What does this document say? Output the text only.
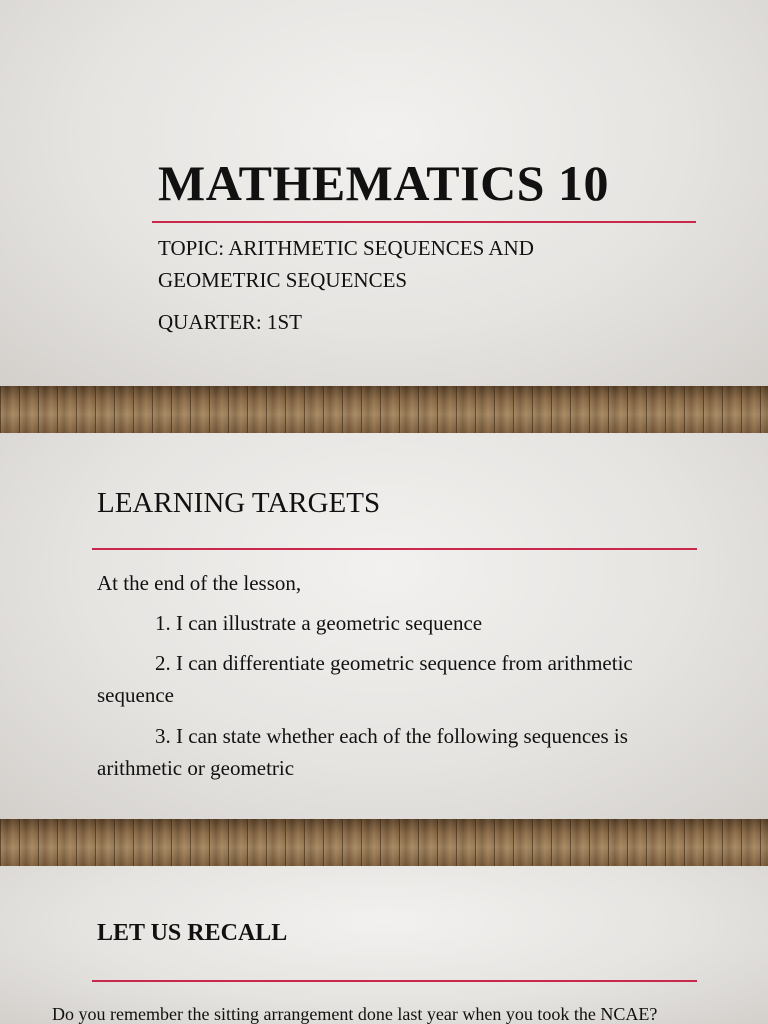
MATHEMATICS 10

TOPIC: ARITHMETIC SEQUENCES AND

GEOMETRIC SEQUENCES

QUARTER: 1ST

LEARNING TARGETS

At the end of the lesson,

1. I can illustrate a geometric sequence

2. I can differentiate geometric sequence from arithmetic

sequence

3. I can state whether each of the following sequences is

arithmetic or geometric

LET US RECALL

Do you remember the sitting arrangement done last year when you took the NCAE?
